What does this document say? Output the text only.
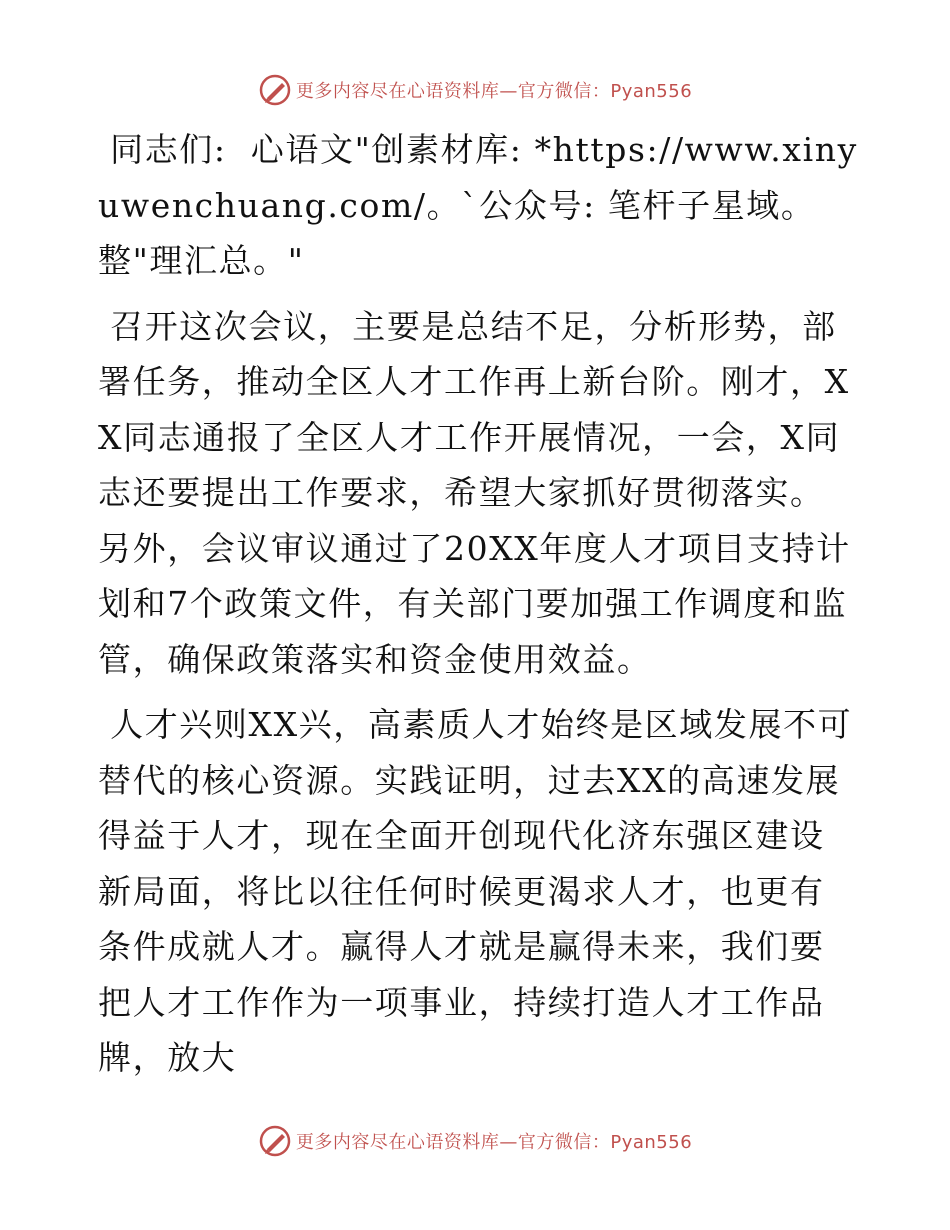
更多内容尽在心语资料库—官方微信：Pyan556

同志们:  心语文"创素材库: *https://www.xinyuwenchuang.com/。`公众号: 笔杆子星域。整"理汇总。"

召开这次会议，主要是总结不足，分析形势，部署任务，推动全区人才工作再上新台阶。刚才，XX同志通报了全区人才工作开展情况，一会，X同志还要提出工作要求，希望大家抓好贯彻落实。另外，会议审议通过了20XX年度人才项目支持计划和7个政策文件，有关部门要加强工作调度和监管，确保政策落实和资金使用效益。

人才兴则XX兴，高素质人才始终是区域发展不可替代的核心资源。实践证明，过去XX的高速发展得益于人才，现在全面开创现代化济东强区建设新局面，将比以往任何时候更渴求人才，也更有条件成就人才。赢得人才就是赢得未来，我们要把人才工作作为一项事业，持续打造人才工作品牌，放大

更多内容尽在心语资料库—官方微信：Pyan556
